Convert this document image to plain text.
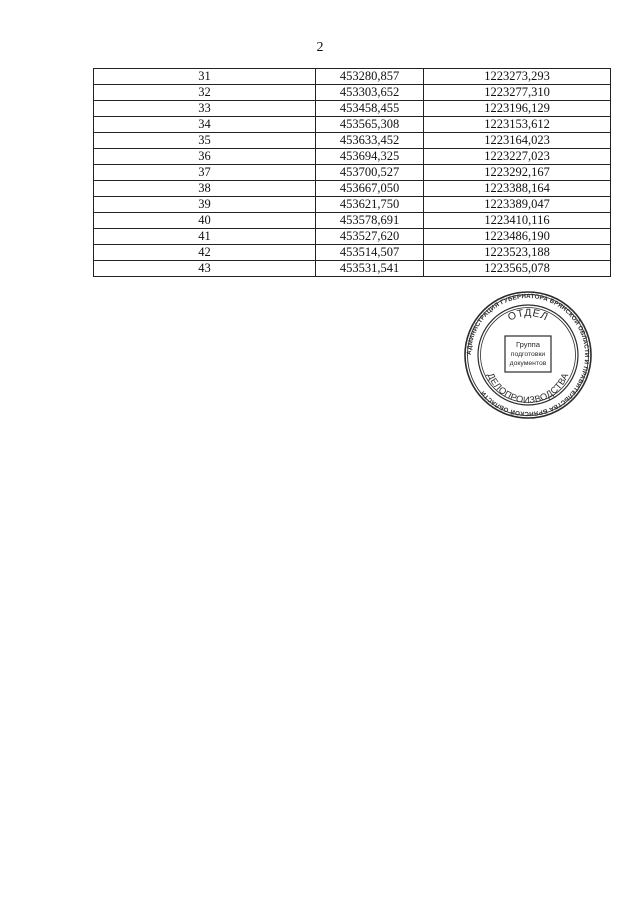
2
31	453280,857	1223273,293
32	453303,652	1223277,310
33	453458,455	1223196,129
34	453565,308	1223153,612
35	453633,452	1223164,023
36	453694,325	1223227,023
37	453700,527	1223292,167
38	453667,050	1223388,164
39	453621,750	1223389,047
40	453578,691	1223410,116
41	453527,620	1223486,190
42	453514,507	1223523,188
43	453531,541	1223565,078
АДМИНИСТРАЦИЯ ГУБЕРНАТОРА БРЯНСКОЙ ОБЛАСТИ И ПРАВИТЕЛЬСТВА БРЯНСКОЙ ОБЛАСТИ
ОТДЕЛ
ДЕЛОПРОИЗВОДСТВА
Группа
подготовки
документов
